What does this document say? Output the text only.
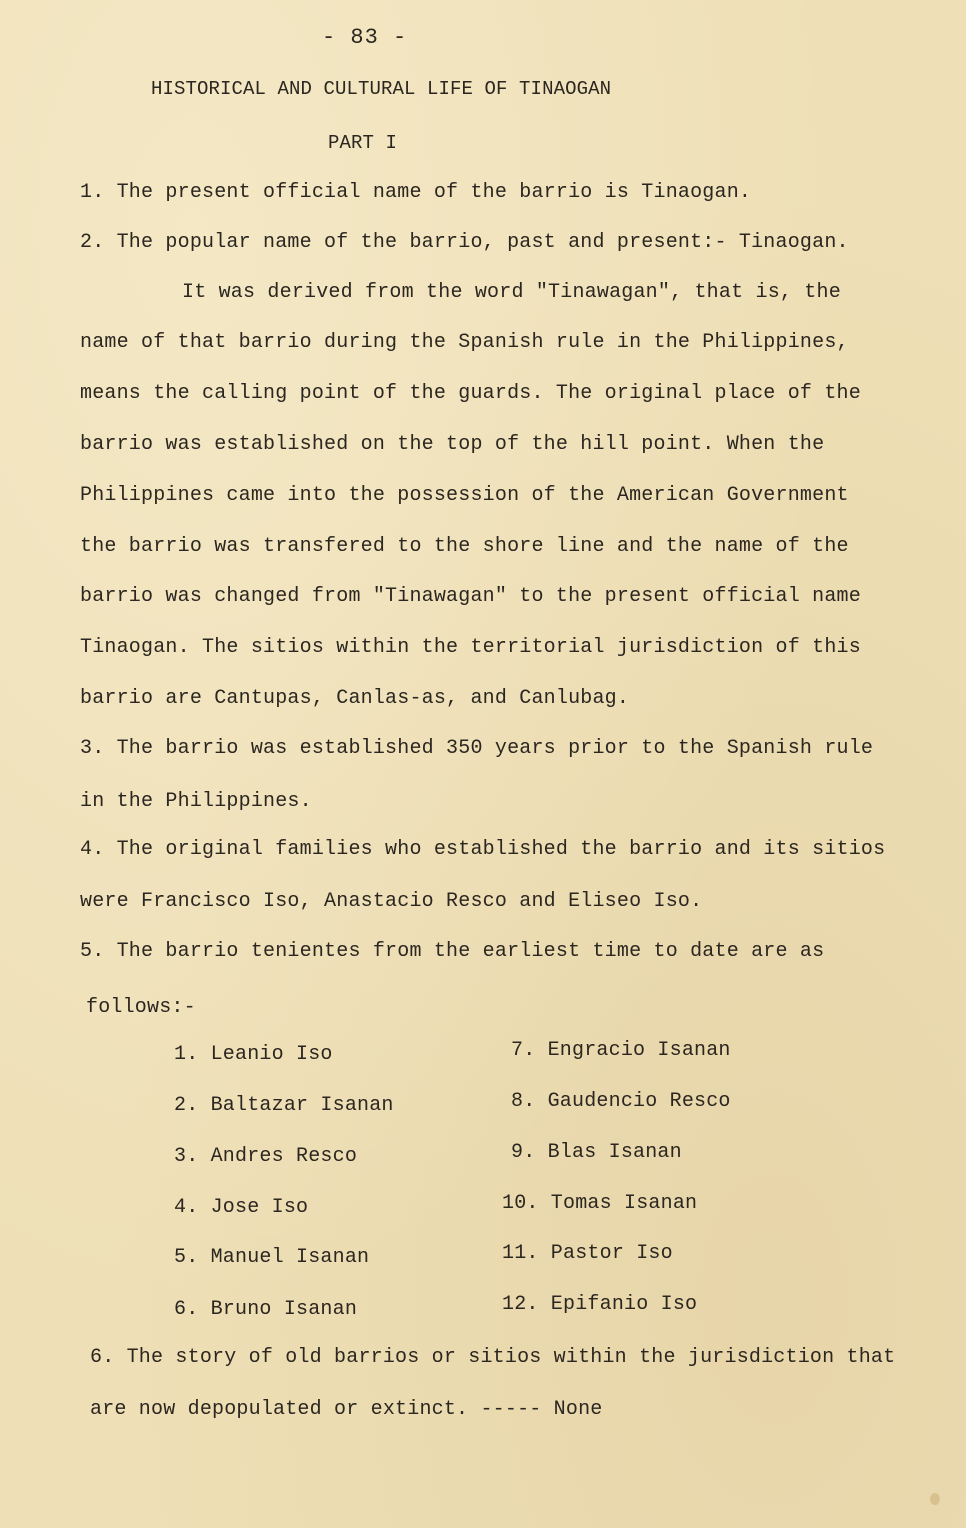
- 83 -
HISTORICAL AND CULTURAL LIFE OF TINAOGAN
PART I
1. The present official name of the barrio is Tinaogan.
2. The popular name of the barrio, past and present:- Tinaogan.
It was derived from the word "Tinawagan", that is, the
name of that barrio during the Spanish rule in the Philippines,
means the calling point of the guards. The original place of the
barrio was established on the top of the hill point. When the
Philippines came into the possession of the American Government
the barrio was transfered to the shore line and the name of the
barrio was changed from "Tinawagan" to the present official name
Tinaogan. The sitios within the territorial jurisdiction of this
barrio are Cantupas, Canlas-as, and Canlubag.
3. The barrio was established 350 years prior to the Spanish rule
in the Philippines.
4. The original families who established the barrio and its sitios
were Francisco Iso, Anastacio Resco and Eliseo Iso.
5. The barrio tenientes from the earliest time to date are as
follows:-
1. Leanio Iso
2. Baltazar Isanan
3. Andres Resco
4. Jose Iso
5. Manuel Isanan
6. Bruno Isanan
7. Engracio Isanan
8. Gaudencio Resco
9. Blas Isanan
10. Tomas Isanan
11. Pastor Iso
12. Epifanio Iso
6. The story of old barrios or sitios within the jurisdiction that
are now depopulated or extinct. ----- None
